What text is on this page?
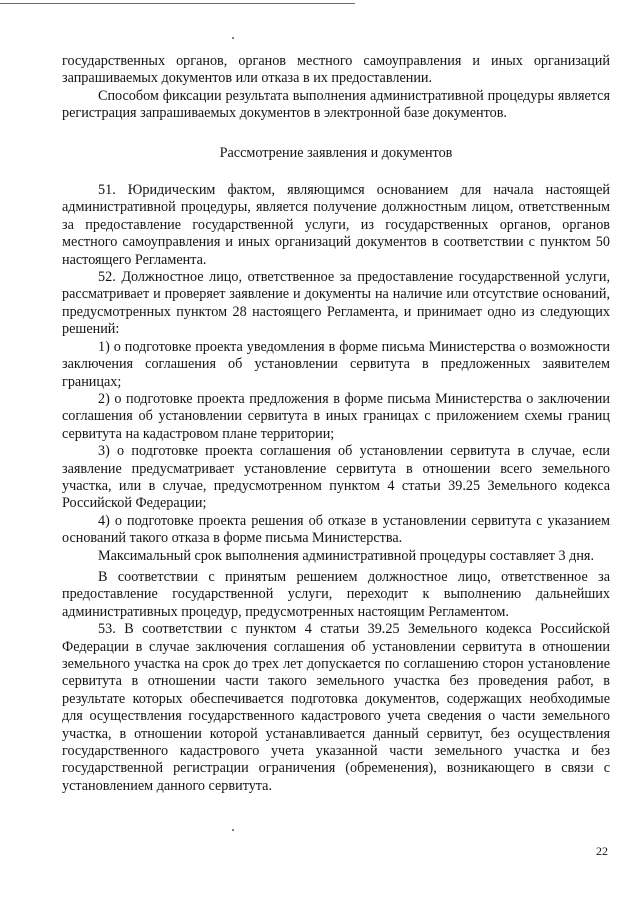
государственных органов, органов местного самоуправления и иных организаций запрашиваемых документов или отказа в их предоставлении.

Способом фиксации результата выполнения административной процедуры является регистрация запрашиваемых документов в электронной базе документов.

Рассмотрение заявления и документов

51. Юридическим фактом, являющимся основанием для начала настоящей административной процедуры, является получение должностным лицом, ответственным за предоставление государственной услуги, из государственных органов, органов местного самоуправления и иных организаций документов в соответствии с пунктом 50 настоящего Регламента.

52. Должностное лицо, ответственное за предоставление государственной услуги, рассматривает и проверяет заявление и документы на наличие или отсутствие оснований, предусмотренных пунктом 28 настоящего Регламента, и принимает одно из следующих решений:

1) о подготовке проекта уведомления в форме письма Министерства о возможности заключения соглашения об установлении сервитута в предложенных заявителем границах;

2) о подготовке проекта предложения в форме письма Министерства о заключении соглашения об установлении сервитута в иных границах с приложением схемы границ сервитута на кадастровом плане территории;

3) о подготовке проекта соглашения об установлении сервитута в случае, если заявление предусматривает установление сервитута в отношении всего земельного участка, или в случае, предусмотренном пунктом 4 статьи 39.25 Земельного кодекса Российской Федерации;

4) о подготовке проекта решения об отказе в установлении сервитута с указанием оснований такого отказа в форме письма Министерства.

Максимальный срок выполнения административной процедуры составляет 3 дня.

В соответствии с принятым решением должностное лицо, ответственное за предоставление государственной услуги, переходит к выполнению дальнейших административных процедур, предусмотренных настоящим Регламентом.

53. В соответствии с пунктом 4 статьи 39.25 Земельного кодекса Российской Федерации в случае заключения соглашения об установлении сервитута в отношении земельного участка на срок до трех лет допускается по соглашению сторон установление сервитута в отношении части такого земельного участка без проведения работ, в результате которых обеспечивается подготовка документов, содержащих необходимые для осуществления государственного кадастрового учета сведения о части земельного участка, в отношении которой устанавливается данный сервитут, без осуществления государственного кадастрового учета указанной части земельного участка и без государственной регистрации ограничения (обременения), возникающего в связи с установлением данного сервитута.

22
